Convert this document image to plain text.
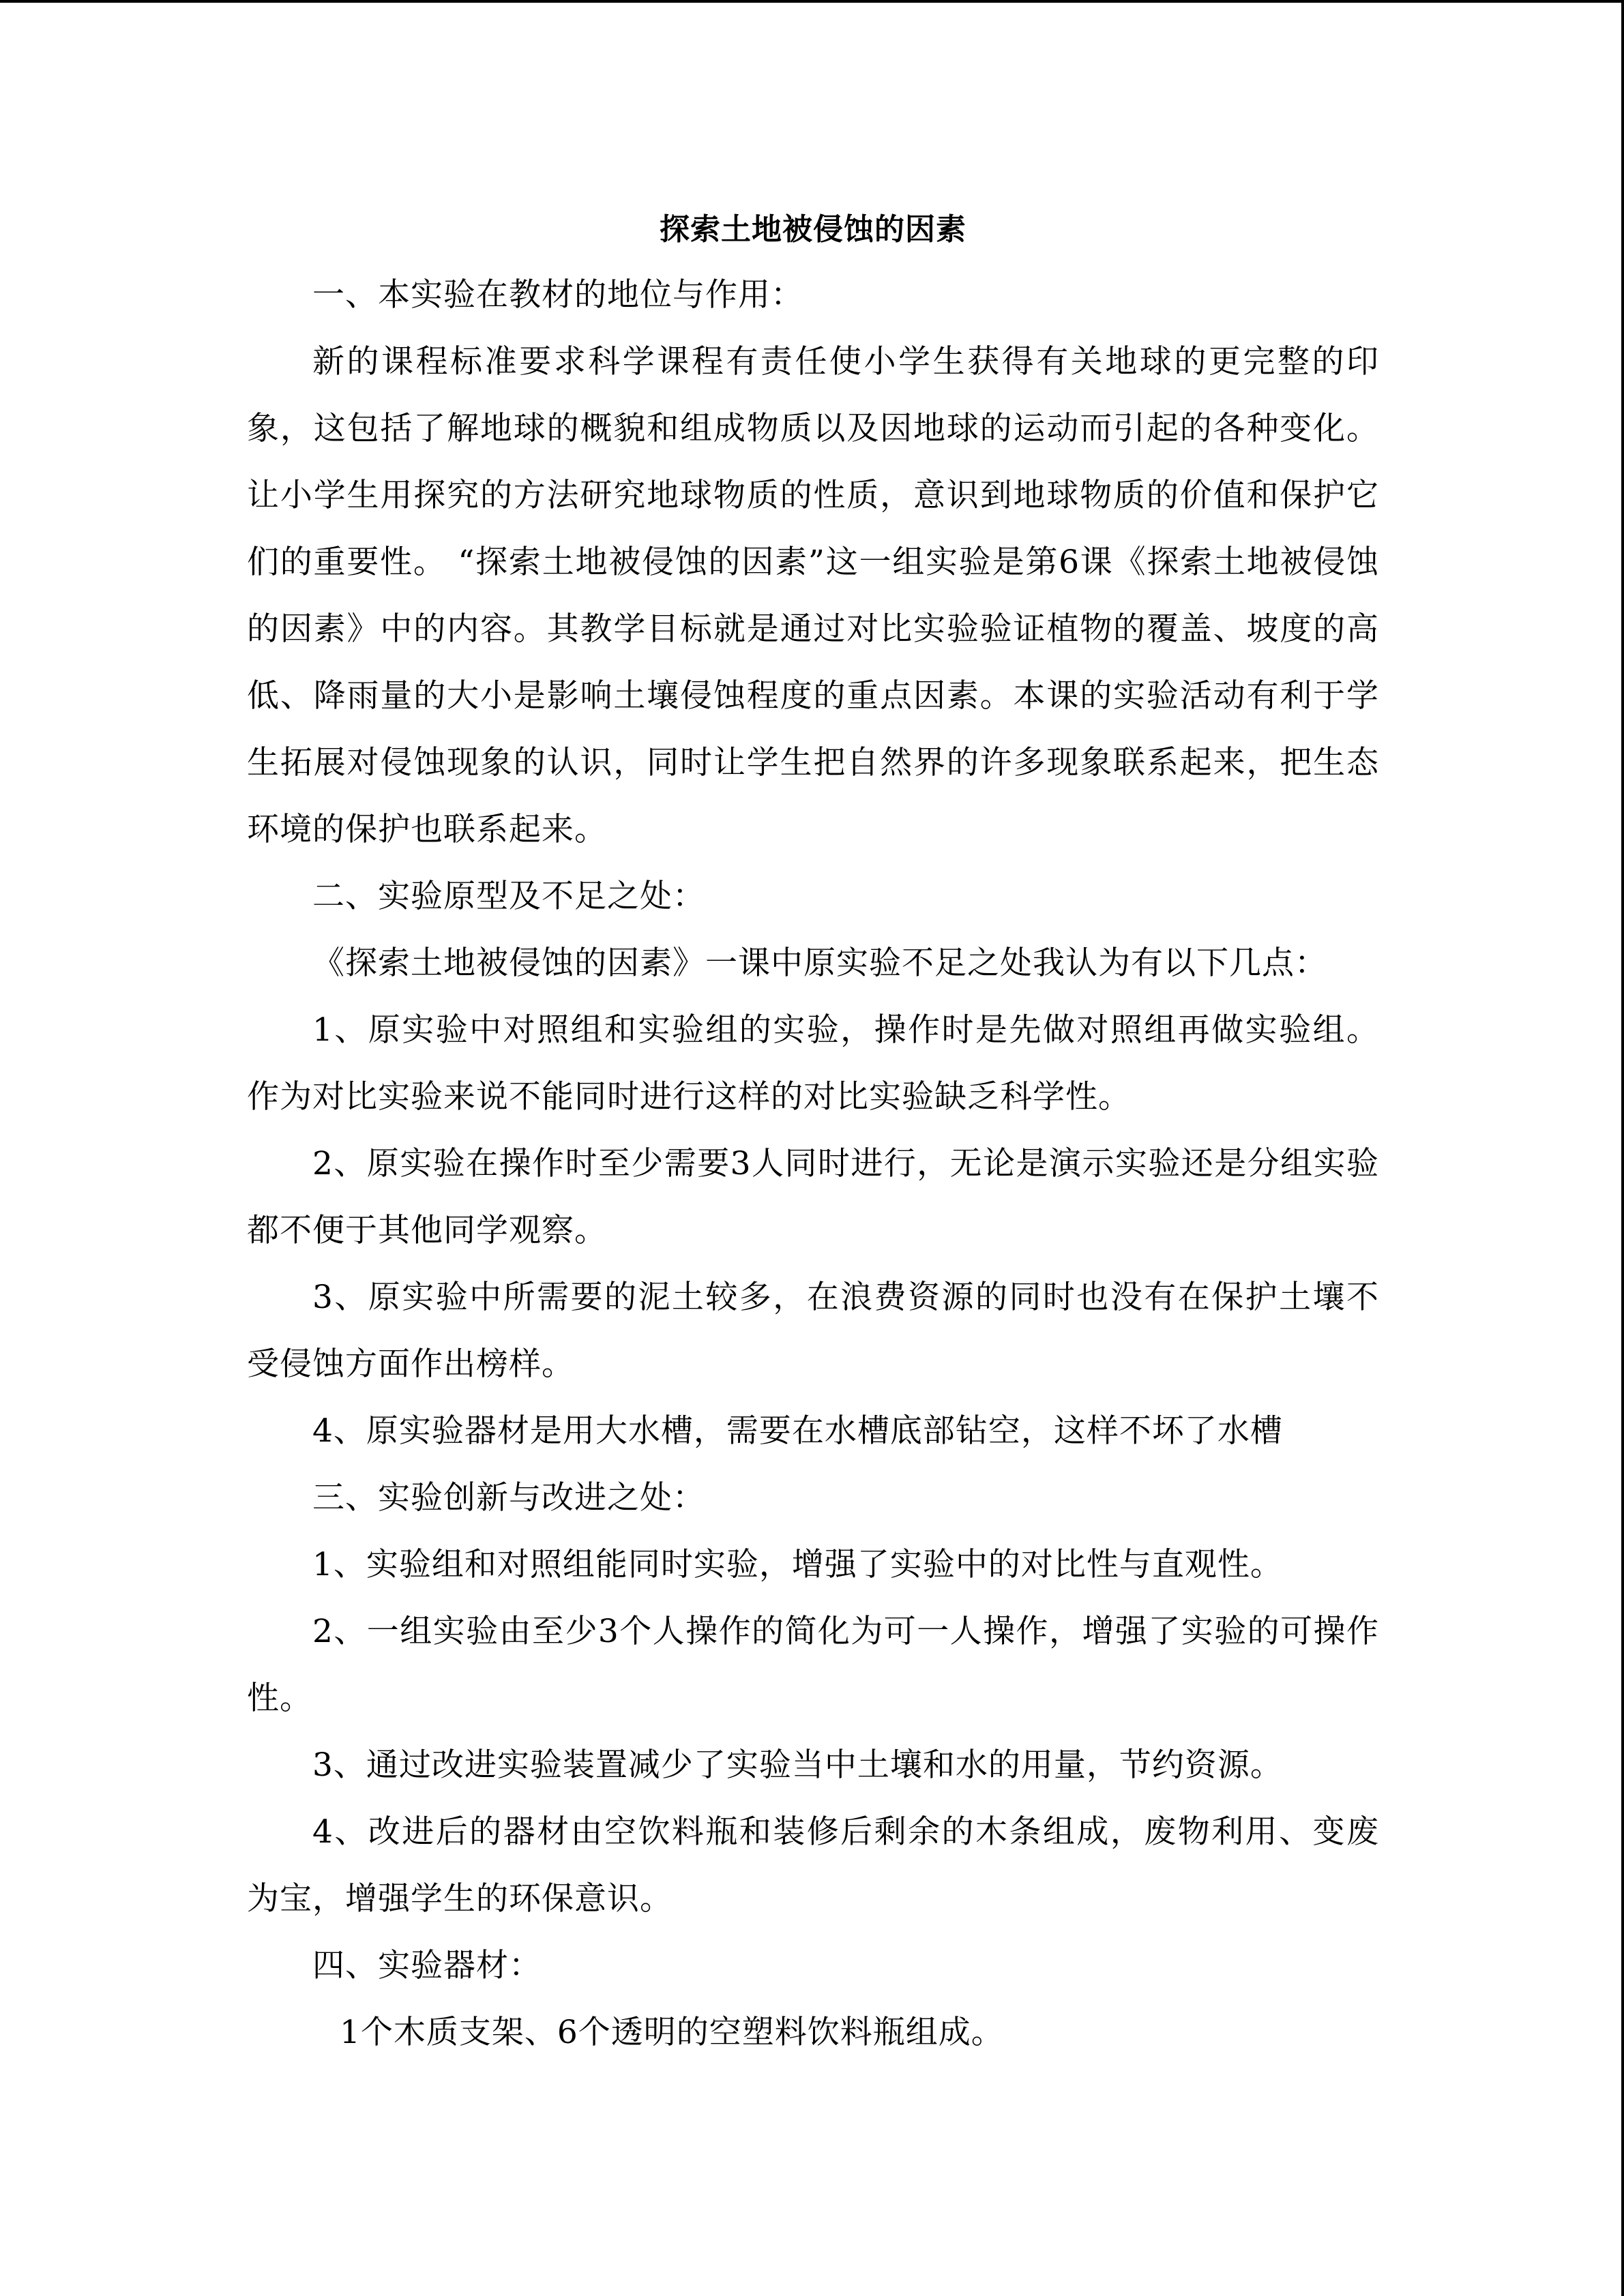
探索土地被侵蚀的因素

一、本实验在教材的地位与作用：

新的课程标准要求科学课程有责任使小学生获得有关地球的更完整的印象，这包括了解地球的概貌和组成物质以及因地球的运动而引起的各种变化。让小学生用探究的方法研究地球物质的性质，意识到地球物质的价值和保护它们的重要性。 “探索土地被侵蚀的因素”这一组实验是第6课《探索土地被侵蚀的因素》中的内容。其教学目标就是通过对比实验验证植物的覆盖、坡度的高低、降雨量的大小是影响土壤侵蚀程度的重点因素。本课的实验活动有利于学生拓展对侵蚀现象的认识，同时让学生把自然界的许多现象联系起来，把生态环境的保护也联系起来。

二、实验原型及不足之处：

《探索土地被侵蚀的因素》一课中原实验不足之处我认为有以下几点：

1、原实验中对照组和实验组的实验，操作时是先做对照组再做实验组。作为对比实验来说不能同时进行这样的对比实验缺乏科学性。

2、原实验在操作时至少需要3人同时进行，无论是演示实验还是分组实验都不便于其他同学观察。

3、原实验中所需要的泥土较多，在浪费资源的同时也没有在保护土壤不受侵蚀方面作出榜样。

4、原实验器材是用大水槽，需要在水槽底部钻空，这样不坏了水槽

三、实验创新与改进之处：

1、实验组和对照组能同时实验，增强了实验中的对比性与直观性。

2、一组实验由至少3个人操作的简化为可一人操作，增强了实验的可操作性。

3、通过改进实验装置减少了实验当中土壤和水的用量，节约资源。

4、改进后的器材由空饮料瓶和装修后剩余的木条组成，废物利用、变废为宝，增强学生的环保意识。

四、实验器材：

1个木质支架、6个透明的空塑料饮料瓶组成。
